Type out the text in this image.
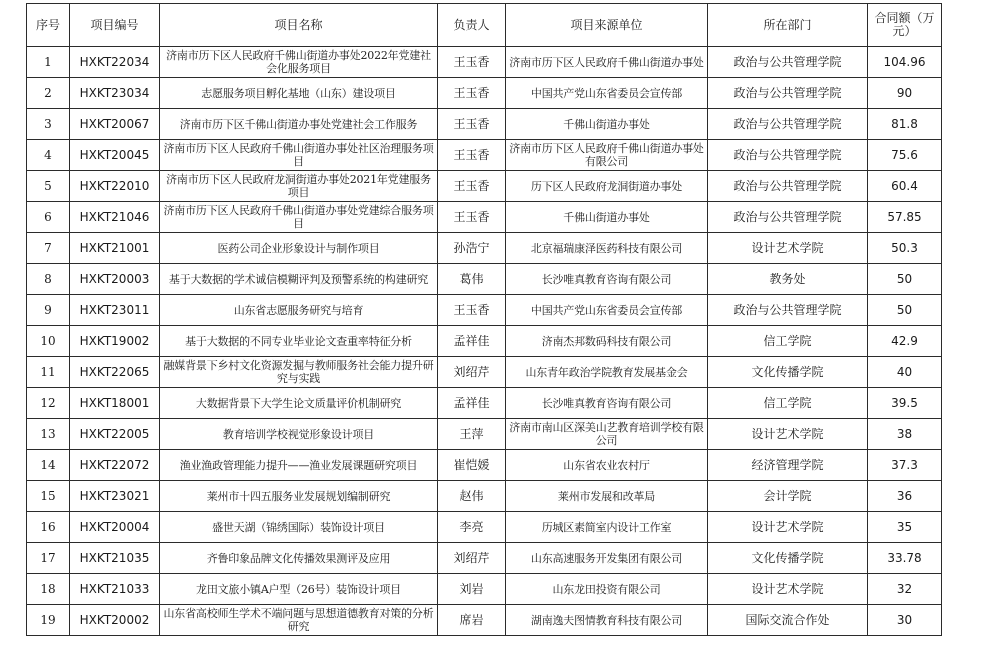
序号	项目编号	项目名称	负责人	项目来源单位	所在部门	合同额（万元）
1	HXKT22034	济南市历下区人民政府千佛山街道办事处2022年党建社会化服务项目	王玉香	济南市历下区人民政府千佛山街道办事处	政治与公共管理学院	104.96
2	HXKT23034	志愿服务项目孵化基地（山东）建设项目	王玉香	中国共产党山东省委员会宣传部	政治与公共管理学院	90
3	HXKT20067	济南市历下区千佛山街道办事处党建社会工作服务	王玉香	千佛山街道办事处	政治与公共管理学院	81.8
4	HXKT20045	济南市历下区人民政府千佛山街道办事处社区治理服务项目	王玉香	济南市历下区人民政府千佛山街道办事处有限公司	政治与公共管理学院	75.6
5	HXKT22010	济南市历下区人民政府龙洞街道办事处2021年党建服务项目	王玉香	历下区人民政府龙洞街道办事处	政治与公共管理学院	60.4
6	HXKT21046	济南市历下区人民政府千佛山街道办事处党建综合服务项目	王玉香	千佛山街道办事处	政治与公共管理学院	57.85
7	HXKT21001	医药公司企业形象设计与制作项目	孙浩宁	北京福瑞康泽医药科技有限公司	设计艺术学院	50.3
8	HXKT20003	基于大数据的学术诚信模糊评判及预警系统的构建研究	葛伟	长沙唯真教育咨询有限公司	教务处	50
9	HXKT23011	山东省志愿服务研究与培育	王玉香	中国共产党山东省委员会宣传部	政治与公共管理学院	50
10	HXKT19002	基于大数据的不同专业毕业论文查重率特征分析	孟祥佳	济南杰邦数码科技有限公司	信工学院	42.9
11	HXKT22065	融媒背景下乡村文化资源发掘与教师服务社会能力提升研究与实践	刘绍芹	山东青年政治学院教育发展基金会	文化传播学院	40
12	HXKT18001	大数据背景下大学生论文质量评价机制研究	孟祥佳	长沙唯真教育咨询有限公司	信工学院	39.5
13	HXKT22005	教育培训学校视觉形象设计项目	王萍	济南市南山区深美山艺教育培训学校有限公司	设计艺术学院	38
14	HXKT22072	渔业渔政管理能力提升——渔业发展课题研究项目	崔恺媛	山东省农业农村厅	经济管理学院	37.3
15	HXKT23021	莱州市十四五服务业发展规划编制研究	赵伟	莱州市发展和改革局	会计学院	36
16	HXKT20004	盛世天湖（锦绣国际）装饰设计项目	李亮	历城区素简室内设计工作室	设计艺术学院	35
17	HXKT21035	齐鲁印象品牌文化传播效果测评及应用	刘绍芹	山东高速服务开发集团有限公司	文化传播学院	33.78
18	HXKT21033	龙田文旅小镇A户型（26号）装饰设计项目	刘岩	山东龙田投资有限公司	设计艺术学院	32
19	HXKT20002	山东省高校师生学术不端问题与思想道德教育对策的分析研究	席岩	湖南逸夫图情教育科技有限公司	国际交流合作处	30
